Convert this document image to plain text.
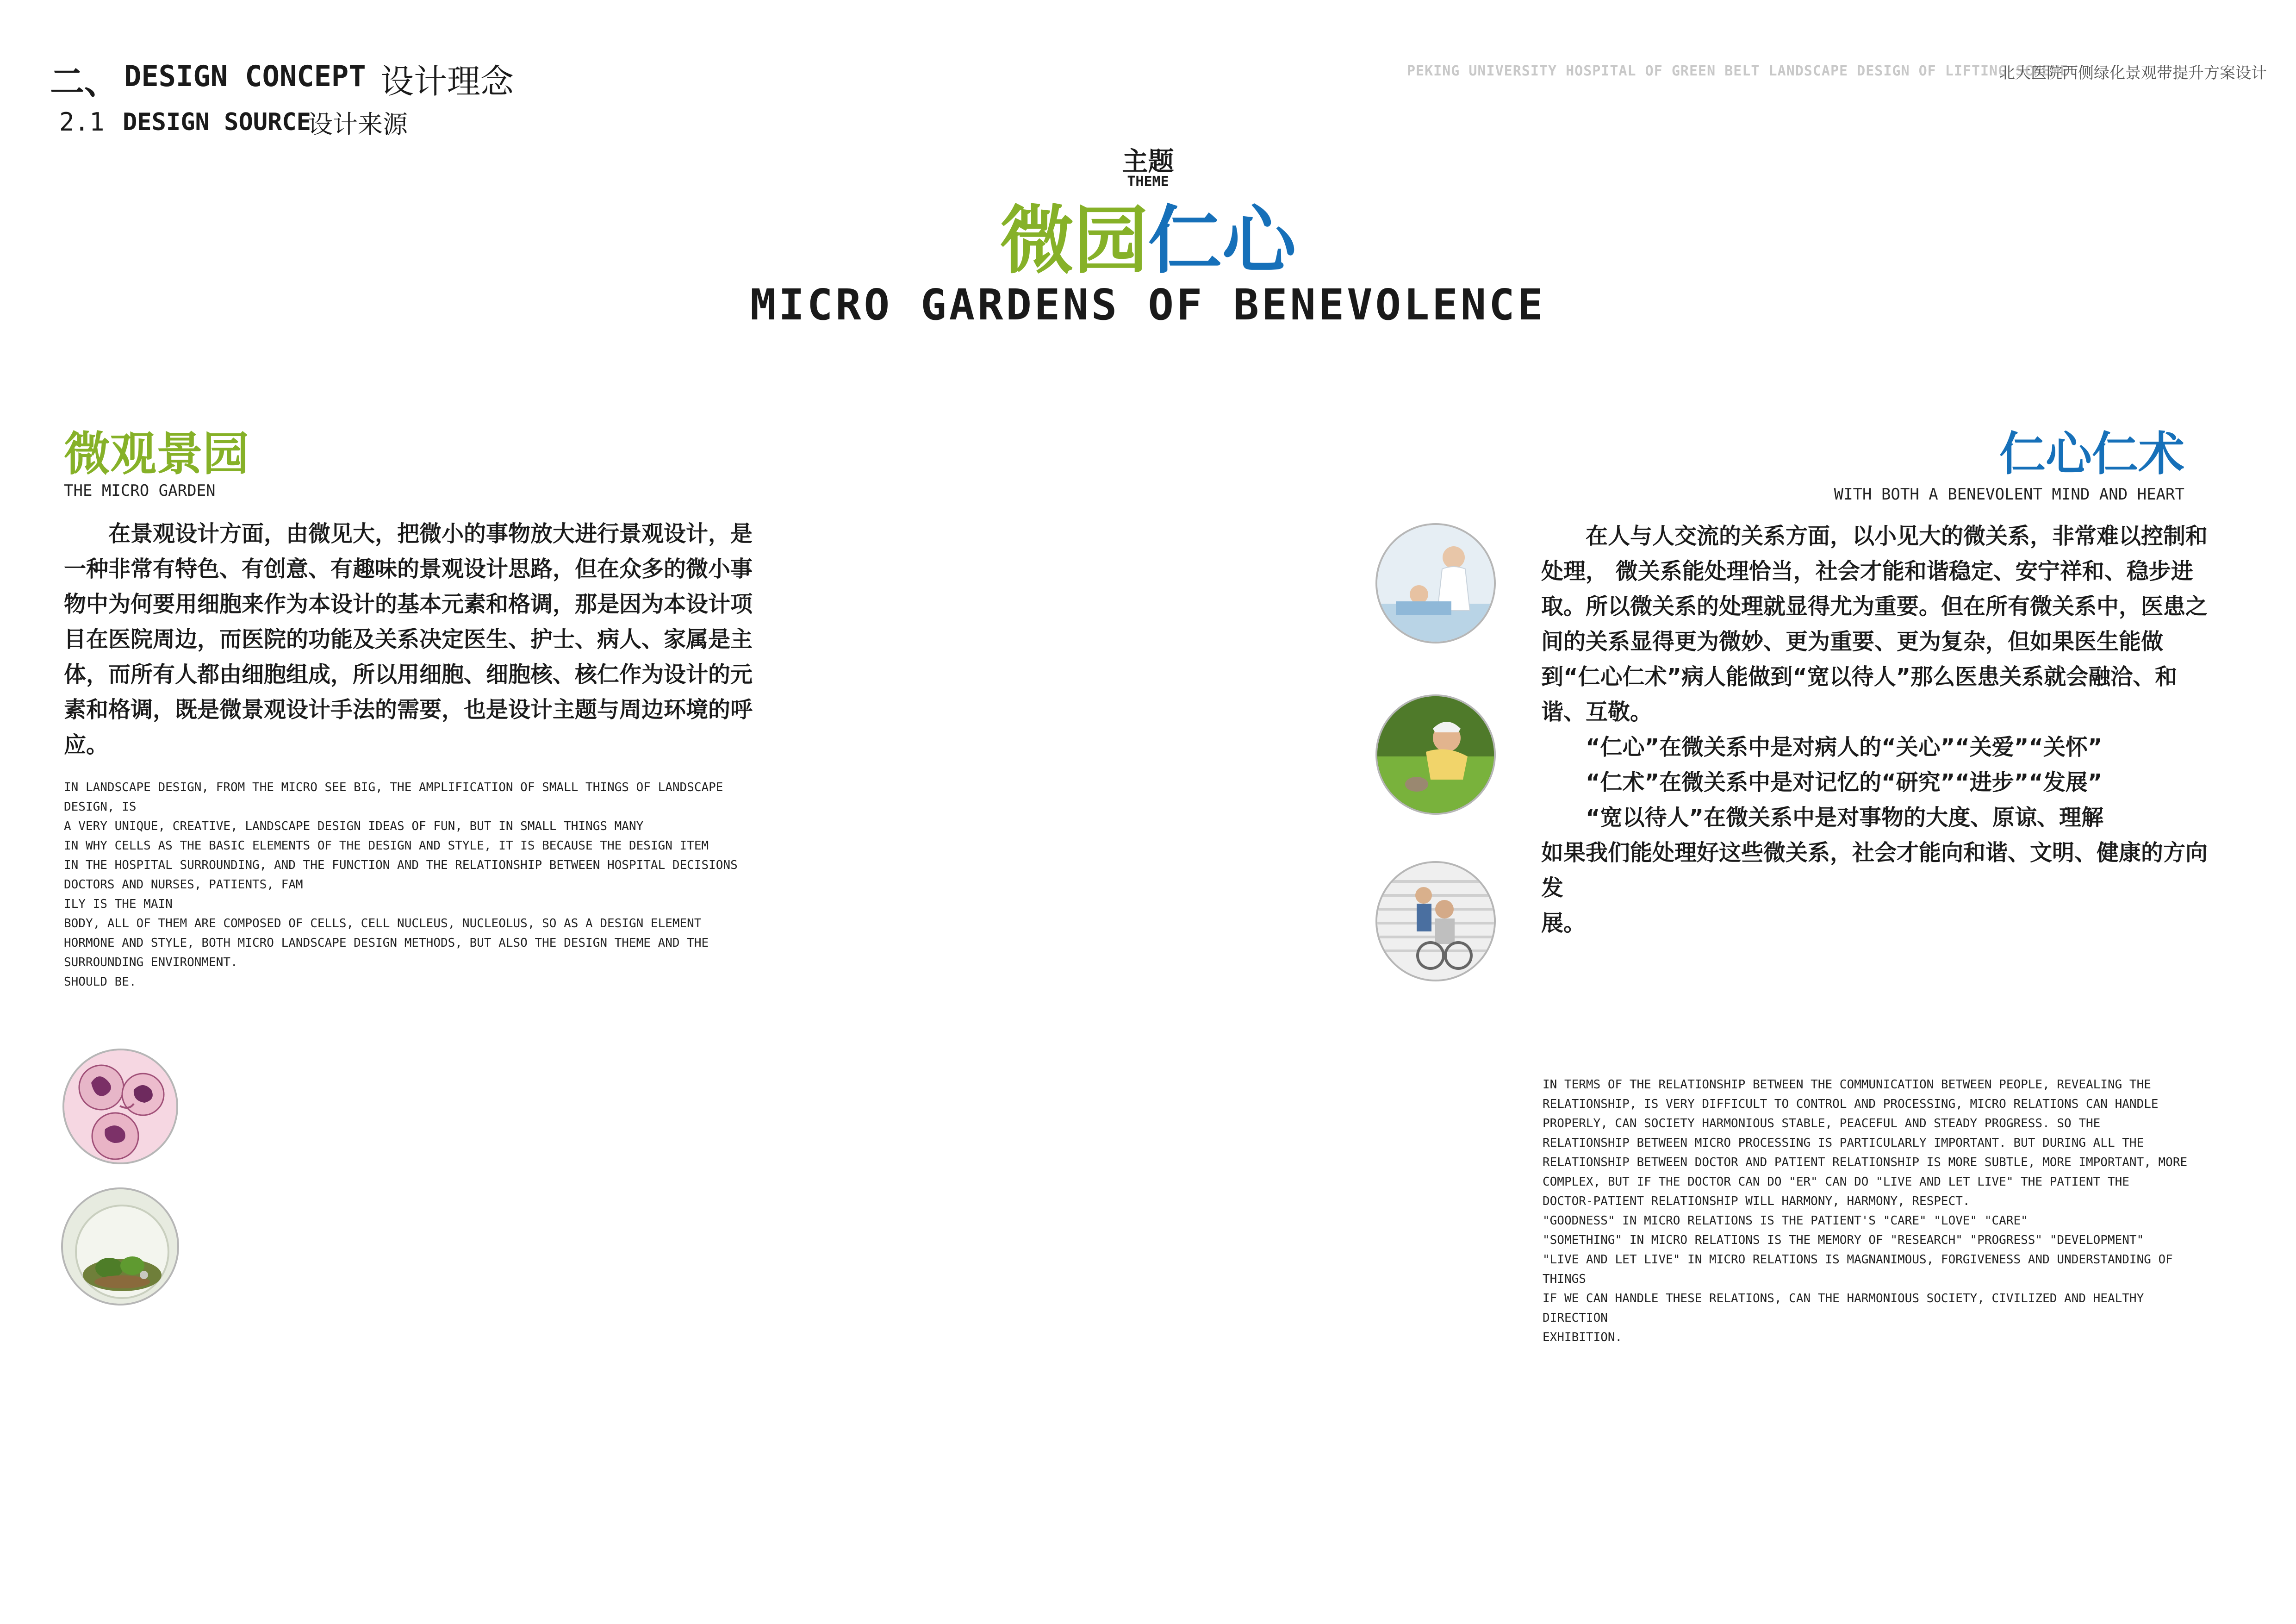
二、 DESIGN CONCEPT 设计理念
2.1 DESIGN SOURCE
设计来源
PEKING UNIVERSITY HOSPITAL OF GREEN BELT LANDSCAPE DESIGN OF LIFTING SCHEME
北大医院西侧绿化景观带提升方案设计
主题
THEME
微园仁心
MICRO GARDENS OF BENEVOLENCE
微观景园
THE MICRO GARDEN
在景观设计方面，由微见大，把微小的事物放大进行景观设计，是一种非常有特色、有创意、有趣味的景观设计思路，但在众多的微小事物中为何要用细胞来作为本设计的基本元素和格调，那是因为本设计项目在医院周边，而医院的功能及关系决定医生、护士、病人、家属是主体，而所有人都由细胞组成，所以用细胞、细胞核、核仁作为设计的元素和格调，既是微景观设计手法的需要，也是设计主题与周边环境的呼应。
IN LANDSCAPE DESIGN, FROM THE MICRO SEE BIG, THE AMPLIFICATION OF SMALL THINGS OF LANDSCAPE
DESIGN, IS
A VERY UNIQUE, CREATIVE, LANDSCAPE DESIGN IDEAS OF FUN, BUT IN SMALL THINGS MANY
IN WHY CELLS AS THE BASIC ELEMENTS OF THE DESIGN AND STYLE, IT IS BECAUSE THE DESIGN ITEM
IN THE HOSPITAL SURROUNDING, AND THE FUNCTION AND THE RELATIONSHIP BETWEEN HOSPITAL DECISIONS
DOCTORS AND NURSES, PATIENTS, FAM
ILY IS THE MAIN
BODY, ALL OF THEM ARE COMPOSED OF CELLS, CELL NUCLEUS, NUCLEOLUS, SO AS A DESIGN ELEMENT
HORMONE AND STYLE, BOTH MICRO LANDSCAPE DESIGN METHODS, BUT ALSO THE DESIGN THEME AND THE
SURROUNDING ENVIRONMENT.
SHOULD BE.
仁心仁术
WITH BOTH A BENEVOLENT MIND AND HEART

在人与人交流的关系方面，以小见大的微关系，非常难以控制和处理， 微关系能处理恰当，社会才能和谐稳定、安宁祥和、稳步进取。所以微关系的处理就显得尤为重要。但在所有微关系中，医患之间的关系显得更为微妙、更为重要、更为复杂，但如果医生能做到“仁心仁术”病人能做到“宽以待人”那么医患关系就会融洽、和谐、互敬。

“仁心”在微关系中是对病人的“关心”“关爱”“关怀”

“仁术”在微关系中是对记忆的“研究”“进步”“发展”

“宽以待人”在微关系中是对事物的大度、原谅、理解

如果我们能处理好这些微关系，社会才能向和谐、文明、健康的方向发

展。

IN TERMS OF THE RELATIONSHIP BETWEEN THE COMMUNICATION BETWEEN PEOPLE, REVEALING THE
RELATIONSHIP, IS VERY DIFFICULT TO CONTROL AND PROCESSING, MICRO RELATIONS CAN HANDLE
PROPERLY, CAN SOCIETY HARMONIOUS STABLE, PEACEFUL AND STEADY PROGRESS. SO THE
RELATIONSHIP BETWEEN MICRO PROCESSING IS PARTICULARLY IMPORTANT. BUT DURING ALL THE
RELATIONSHIP BETWEEN DOCTOR AND PATIENT RELATIONSHIP IS MORE SUBTLE, MORE IMPORTANT, MORE
COMPLEX, BUT IF THE DOCTOR CAN DO "ER" CAN DO "LIVE AND LET LIVE" THE PATIENT THE
DOCTOR-PATIENT RELATIONSHIP WILL HARMONY, HARMONY, RESPECT.
"GOODNESS" IN MICRO RELATIONS IS THE PATIENT'S "CARE" "LOVE" "CARE"
"SOMETHING" IN MICRO RELATIONS IS THE MEMORY OF "RESEARCH" "PROGRESS" "DEVELOPMENT"
"LIVE AND LET LIVE" IN MICRO RELATIONS IS MAGNANIMOUS, FORGIVENESS AND UNDERSTANDING OF
THINGS
IF WE CAN HANDLE THESE RELATIONS, CAN THE HARMONIOUS SOCIETY, CIVILIZED AND HEALTHY
DIRECTION
EXHIBITION.
